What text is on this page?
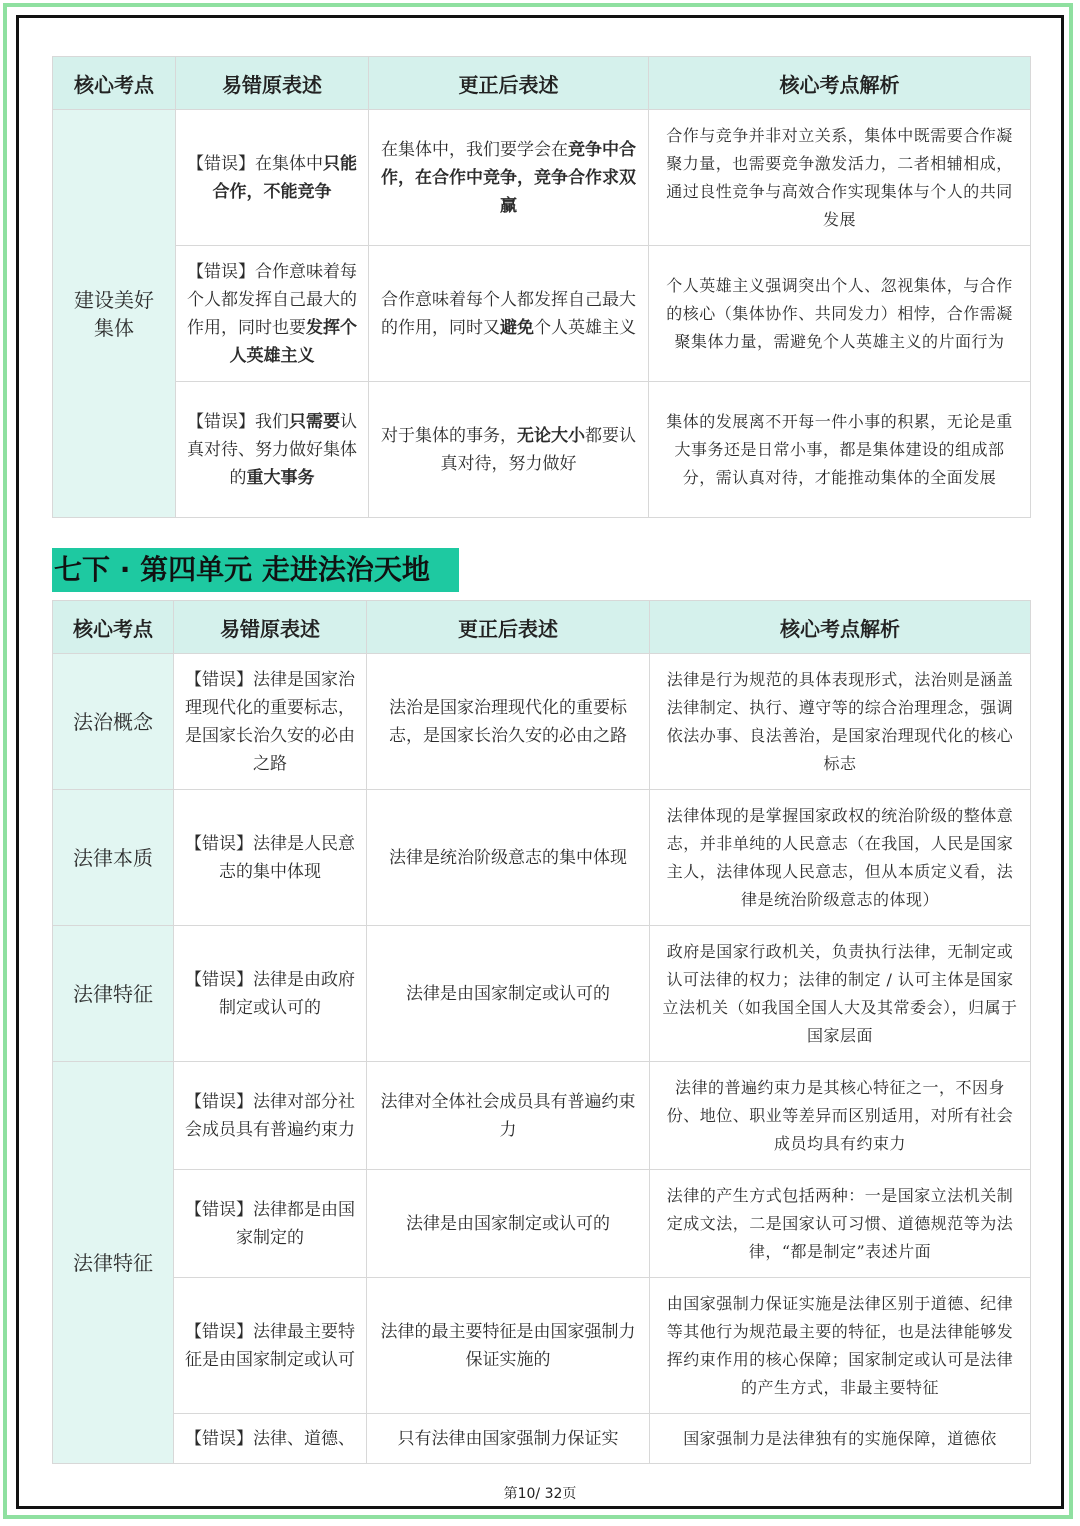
核心考点	易错原表述	更正后表述	核心考点解析
建设美好集体	【错误】在集体中只能合作，不能竞争	在集体中，我们要学会在竞争中合作，在合作中竞争，竞争合作求双赢	合作与竞争并非对立关系，集体中既需要合作凝聚力量，也需要竞争激发活力，二者相辅相成，通过良性竞争与高效合作实现集体与个人的共同发展
	【错误】合作意味着每个人都发挥自己最大的作用，同时也要发挥个人英雄主义	合作意味着每个人都发挥自己最大的作用，同时又避免个人英雄主义	个人英雄主义强调突出个人、忽视集体，与合作的核心（集体协作、共同发力）相悖，合作需凝聚集体力量，需避免个人英雄主义的片面行为
	【错误】我们只需要认真对待、努力做好集体的重大事务	对于集体的事务，无论大小都要认真对待，努力做好	集体的发展离不开每一件小事的积累，无论是重大事务还是日常小事，都是集体建设的组成部分，需认真对待，才能推动集体的全面发展
七下 · 第四单元 走进法治天地
核心考点	易错原表述	更正后表述	核心考点解析
法治概念	【错误】法律是国家治理现代化的重要标志，是国家长治久安的必由之路	法治是国家治理现代化的重要标志，是国家长治久安的必由之路	法律是行为规范的具体表现形式，法治则是涵盖法律制定、执行、遵守等的综合治理理念，强调依法办事、良法善治，是国家治理现代化的核心标志
法律本质	【错误】法律是人民意志的集中体现	法律是统治阶级意志的集中体现	法律体现的是掌握国家政权的统治阶级的整体意志，并非单纯的人民意志（在我国，人民是国家主人，法律体现人民意志，但从本质定义看，法律是统治阶级意志的体现）
法律特征	【错误】法律是由政府制定或认可的	法律是由国家制定或认可的	政府是国家行政机关，负责执行法律，无制定或认可法律的权力；法律的制定 / 认可主体是国家立法机关（如我国全国人大及其常委会），归属于国家层面
法律特征	【错误】法律对部分社会成员具有普遍约束力	法律对全体社会成员具有普遍约束力	法律的普遍约束力是其核心特征之一，不因身份、地位、职业等差异而区别适用，对所有社会成员均具有约束力
	【错误】法律都是由国家制定的	法律是由国家制定或认可的	法律的产生方式包括两种：一是国家立法机关制定成文法，二是国家认可习惯、道德规范等为法律，“都是制定”表述片面
	【错误】法律最主要特征是由国家制定或认可	法律的最主要特征是由国家强制力保证实施的	由国家强制力保证实施是法律区别于道德、纪律等其他行为规范最主要的特征，也是法律能够发挥约束作用的核心保障；国家制定或认可是法律的产生方式，非最主要特征
	【错误】法律、道德、	只有法律由国家强制力保证实	国家强制力是法律独有的实施保障，道德依
第10/ 32页
